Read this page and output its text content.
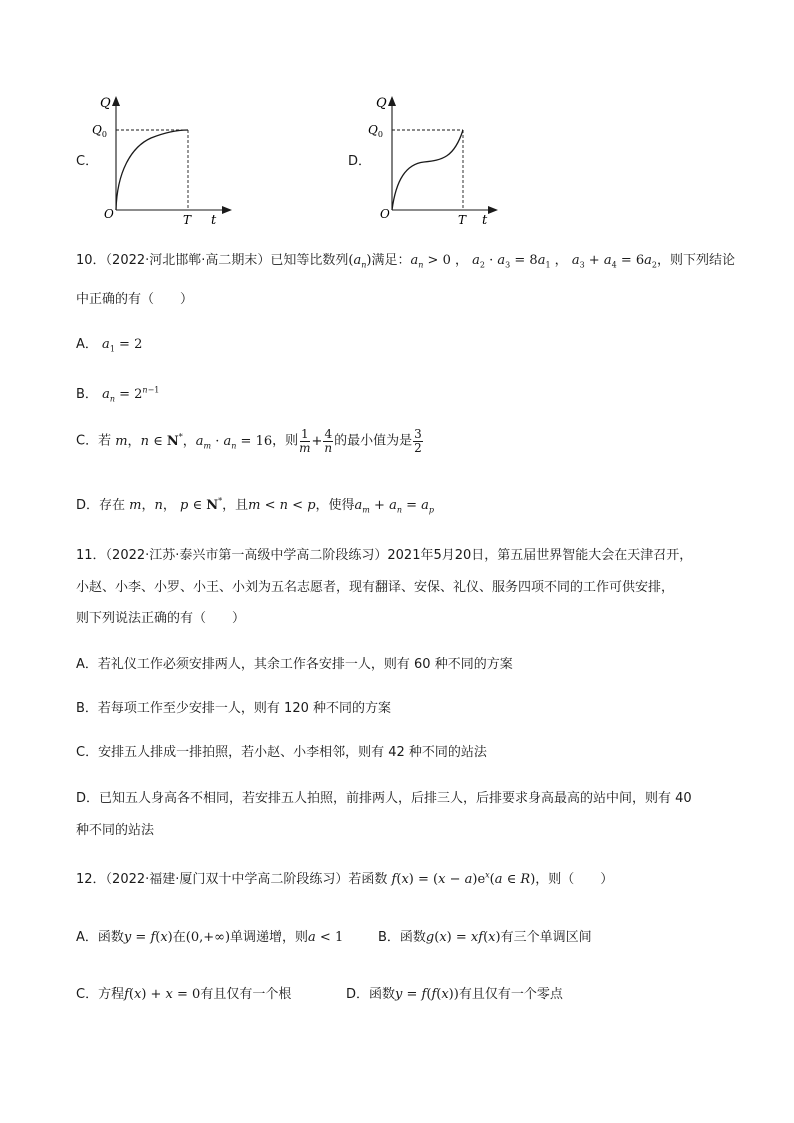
C．
Q
$Q_0$
O	T t
D．
Q
$Q_0$
O	T t
10．（2022·河北邯郸·高二期末）已知等比数列$(a_n)$满足：$a_n > 0$ ， $a_2 \cdot a_3 = 8a_1$ ， $a_3 + a_4 = 6a_2$，则下列结论
中正确的有（　　）
A． $a_1 = 2$
B． $a_n = 2^{n-1}$
C．若 m，n ∈ N*，$a_m \cdot a_n = 16$，则 $\frac{1}{m} + \frac{4}{n}$ 的最小值为是 $\frac{3}{2}$
D．存在 m，n， p ∈ N*，且m < n < p，使得$a_m + a_n = a_p$
11．（2022·江苏·泰兴市第一高级中学高二阶段练习）2021年5月20日，第五届世界智能大会在天津召开，
小赵、小李、小罗、小王、小刘为五名志愿者，现有翻译、安保、礼仪、服务四项不同的工作可供安排，
则下列说法正确的有（　　）
A．若礼仪工作必须安排两人，其余工作各安排一人，则有 60 种不同的方案
B．若每项工作至少安排一人，则有 120 种不同的方案
C．安排五人排成一排拍照，若小赵、小李相邻，则有 42 种不同的站法
D．已知五人身高各不相同，若安排五人拍照，前排两人，后排三人，后排要求身高最高的站中间，则有 40
种不同的站法
12．（2022·福建·厦门双十中学高二阶段练习）若函数 $f(x) = (x - a)e^x(a$ ∈ R)，则（　　）
A．函数y = f(x)在(0,+∞)单调递增，则a < 1	B．函数g(x) = xf(x)有三个单调区间
C．方程f(x) + x = 0有且仅有一个根	D．函数y = f(f(x))有且仅有一个零点
